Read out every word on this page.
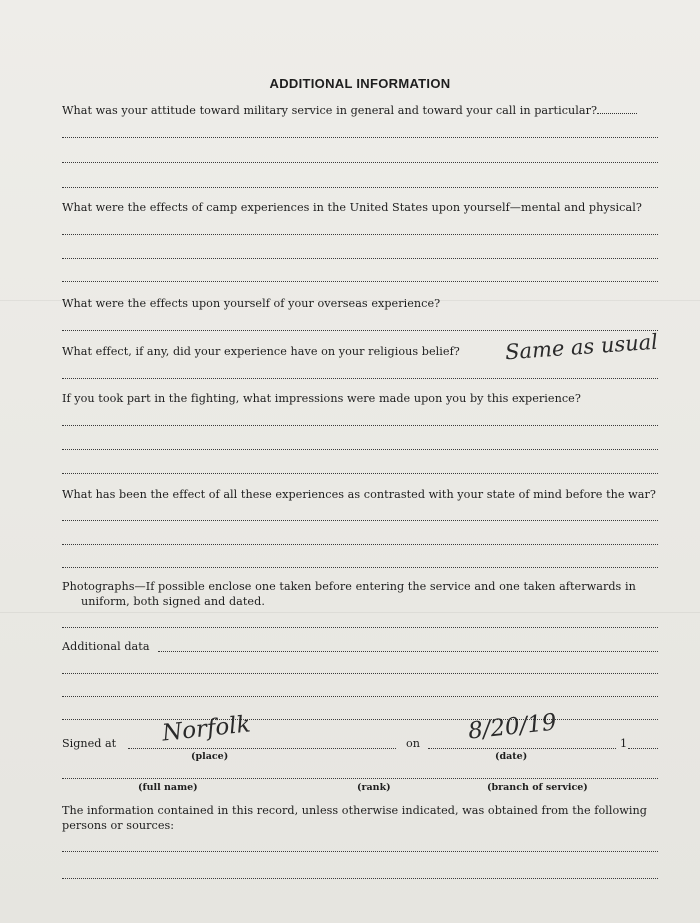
ADDITIONAL INFORMATION
What was your attitude toward military service in general and toward your call in particular?
What were the effects of camp experiences in the United States upon yourself—mental and physical?
What were the effects upon yourself of your overseas experience?
What effect, if any, did your experience have on your religious belief? Same as usual
If you took part in the fighting, what impressions were made upon you by this experience?
What has been the effect of all these experiences as contrasted with your state of mind before the war?
Photographs—If possible enclose one taken before entering the service and one taken afterwards in
uniform, both signed and dated.
Additional data
Signed at Norfolk
(place)
on 8/20/19
(date)
1
(full name)	(rank)	(branch of service)
The information contained in this record, unless otherwise indicated, was obtained from the following
persons or sources:
